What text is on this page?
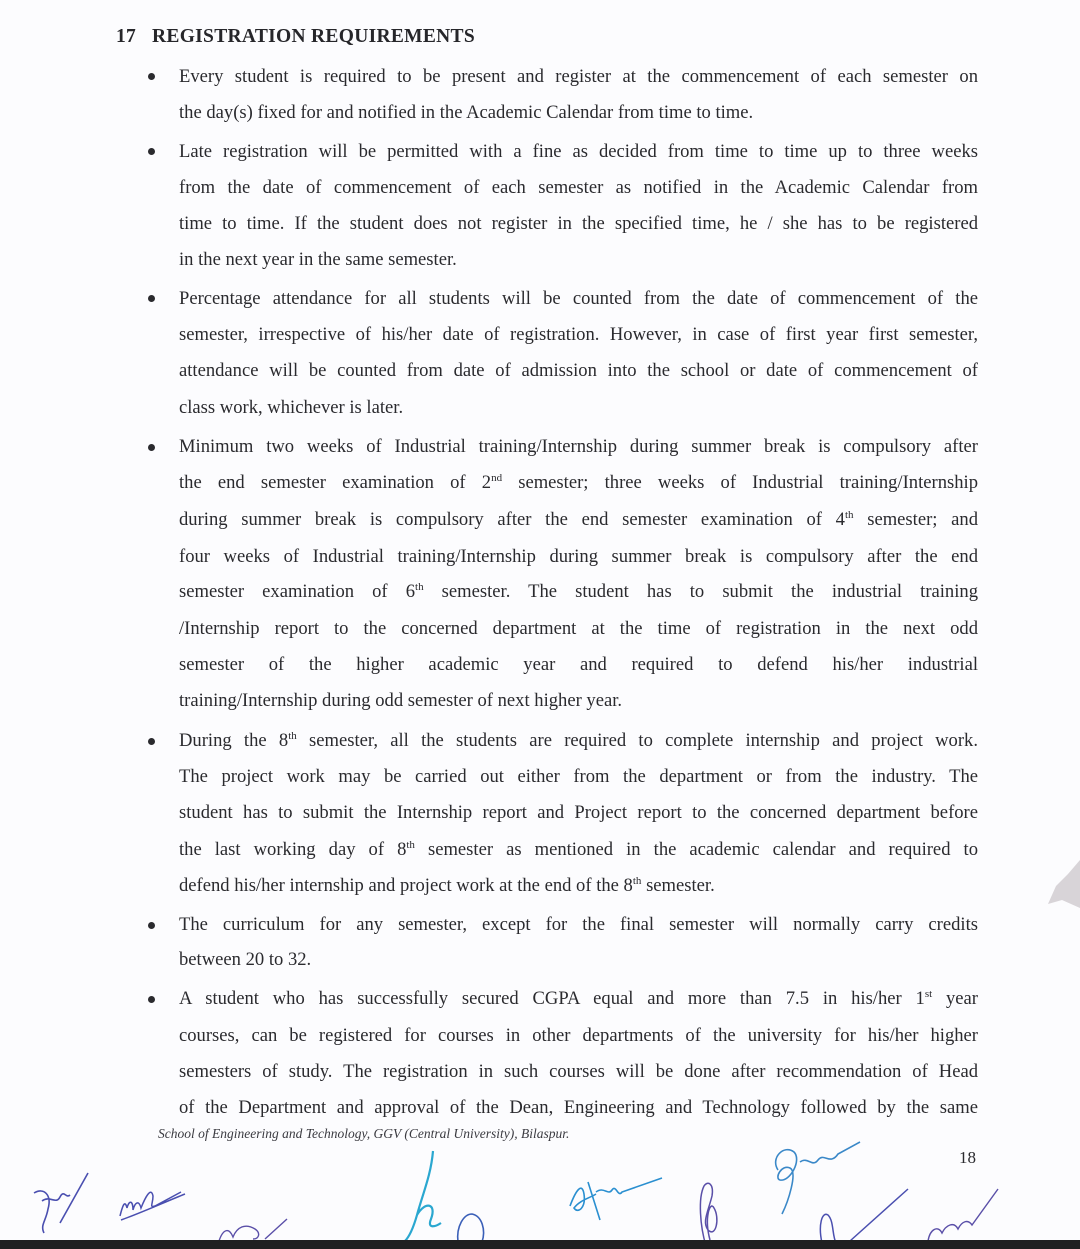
17 REGISTRATION REQUIREMENTS
Every student is required to be present and register at the commencement of each semester on
the day(s) fixed for and notified in the Academic Calendar from time to time.
Late registration will be permitted with a fine as decided from time to time up to three weeks
from the date of commencement of each semester as notified in the Academic Calendar from
time to time. If the student does not register in the specified time, he / she has to be registered
in the next year in the same semester.
Percentage attendance for all students will be counted from the date of commencement of the
semester, irrespective of his/her date of registration. However, in case of first year first semester,
attendance will be counted from date of admission into the school or date of commencement of
class work, whichever is later.
Minimum two weeks of Industrial training/Internship during summer break is compulsory after
the end semester examination of 2nd semester; three weeks of Industrial training/Internship
during summer break is compulsory after the end semester examination of 4th semester; and
four weeks of Industrial training/Internship during summer break is compulsory after the end
semester examination of 6th semester. The student has to submit the industrial training
/Internship report to the concerned department at the time of registration in the next odd
semester of the higher academic year and required to defend his/her industrial
training/Internship during odd semester of next higher year.
During the 8th semester, all the students are required to complete internship and project work.
The project work may be carried out either from the department or from the industry. The
student has to submit the Internship report and Project report to the concerned department before
the last working day of 8th semester as mentioned in the academic calendar and required to
defend his/her internship and project work at the end of the 8th semester.
The curriculum for any semester, except for the final semester will normally carry credits
between 20 to 32.
A student who has successfully secured CGPA equal and more than 7.5 in his/her 1st year
courses, can be registered for courses in other departments of the university for his/her higher
semesters of study. The registration in such courses will be done after recommendation of Head
of the Department and approval of the Dean, Engineering and Technology followed by the same
School of Engineering and Technology, GGV (Central University), Bilaspur.
18
